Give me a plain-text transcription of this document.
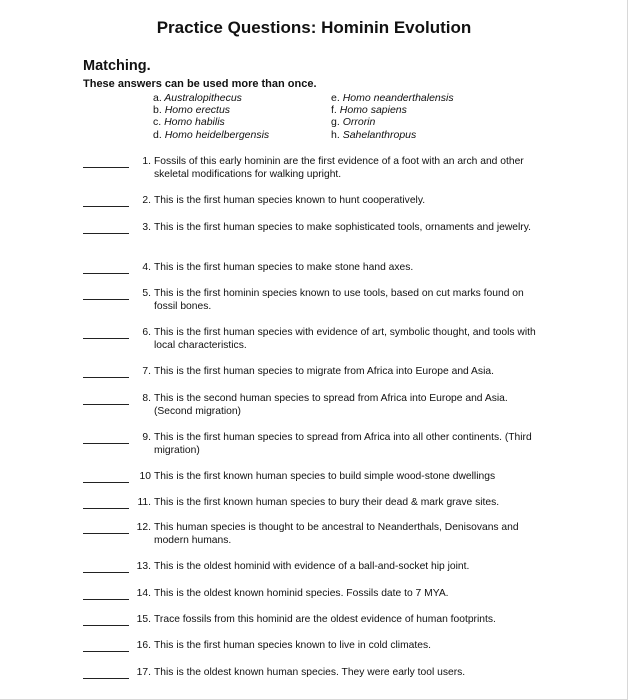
Practice Questions: Hominin Evolution
Matching.
These answers can be used more than once.
a. Australopithecus
b. Homo erectus
c. Homo habilis
d. Homo heidelbergensis
e. Homo neanderthalensis
f. Homo sapiens
g. Orrorin
h. Sahelanthropus
1. Fossils of this early hominin are the first evidence of a foot with an arch and other skeletal modifications for walking upright.
2. This is the first human species known to hunt cooperatively.
3. This is the first human species to make sophisticated tools, ornaments and jewelry.
4. This is the first human species to make stone hand axes.
5. This is the first hominin species known to use tools, based on cut marks found on fossil bones.
6. This is the first human species with evidence of art, symbolic thought, and tools with local characteristics.
7. This is the first human species to migrate from Africa into Europe and Asia.
8. This is the second human species to spread from Africa into Europe and Asia. (Second migration)
9. This is the first human species to spread from Africa into all other continents. (Third migration)
10 This is the first known human species to build simple wood-stone dwellings
11. This is the first known human species to bury their dead & mark grave sites.
12. This human species is thought to be ancestral to Neanderthals, Denisovans and modern humans.
13. This is the oldest hominid with evidence of a ball-and-socket hip joint.
14. This is the oldest known hominid species. Fossils date to 7 MYA.
15. Trace fossils from this hominid are the oldest evidence of human footprints.
16. This is the first human species known to live in cold climates.
17. This is the oldest known human species. They were early tool users.
